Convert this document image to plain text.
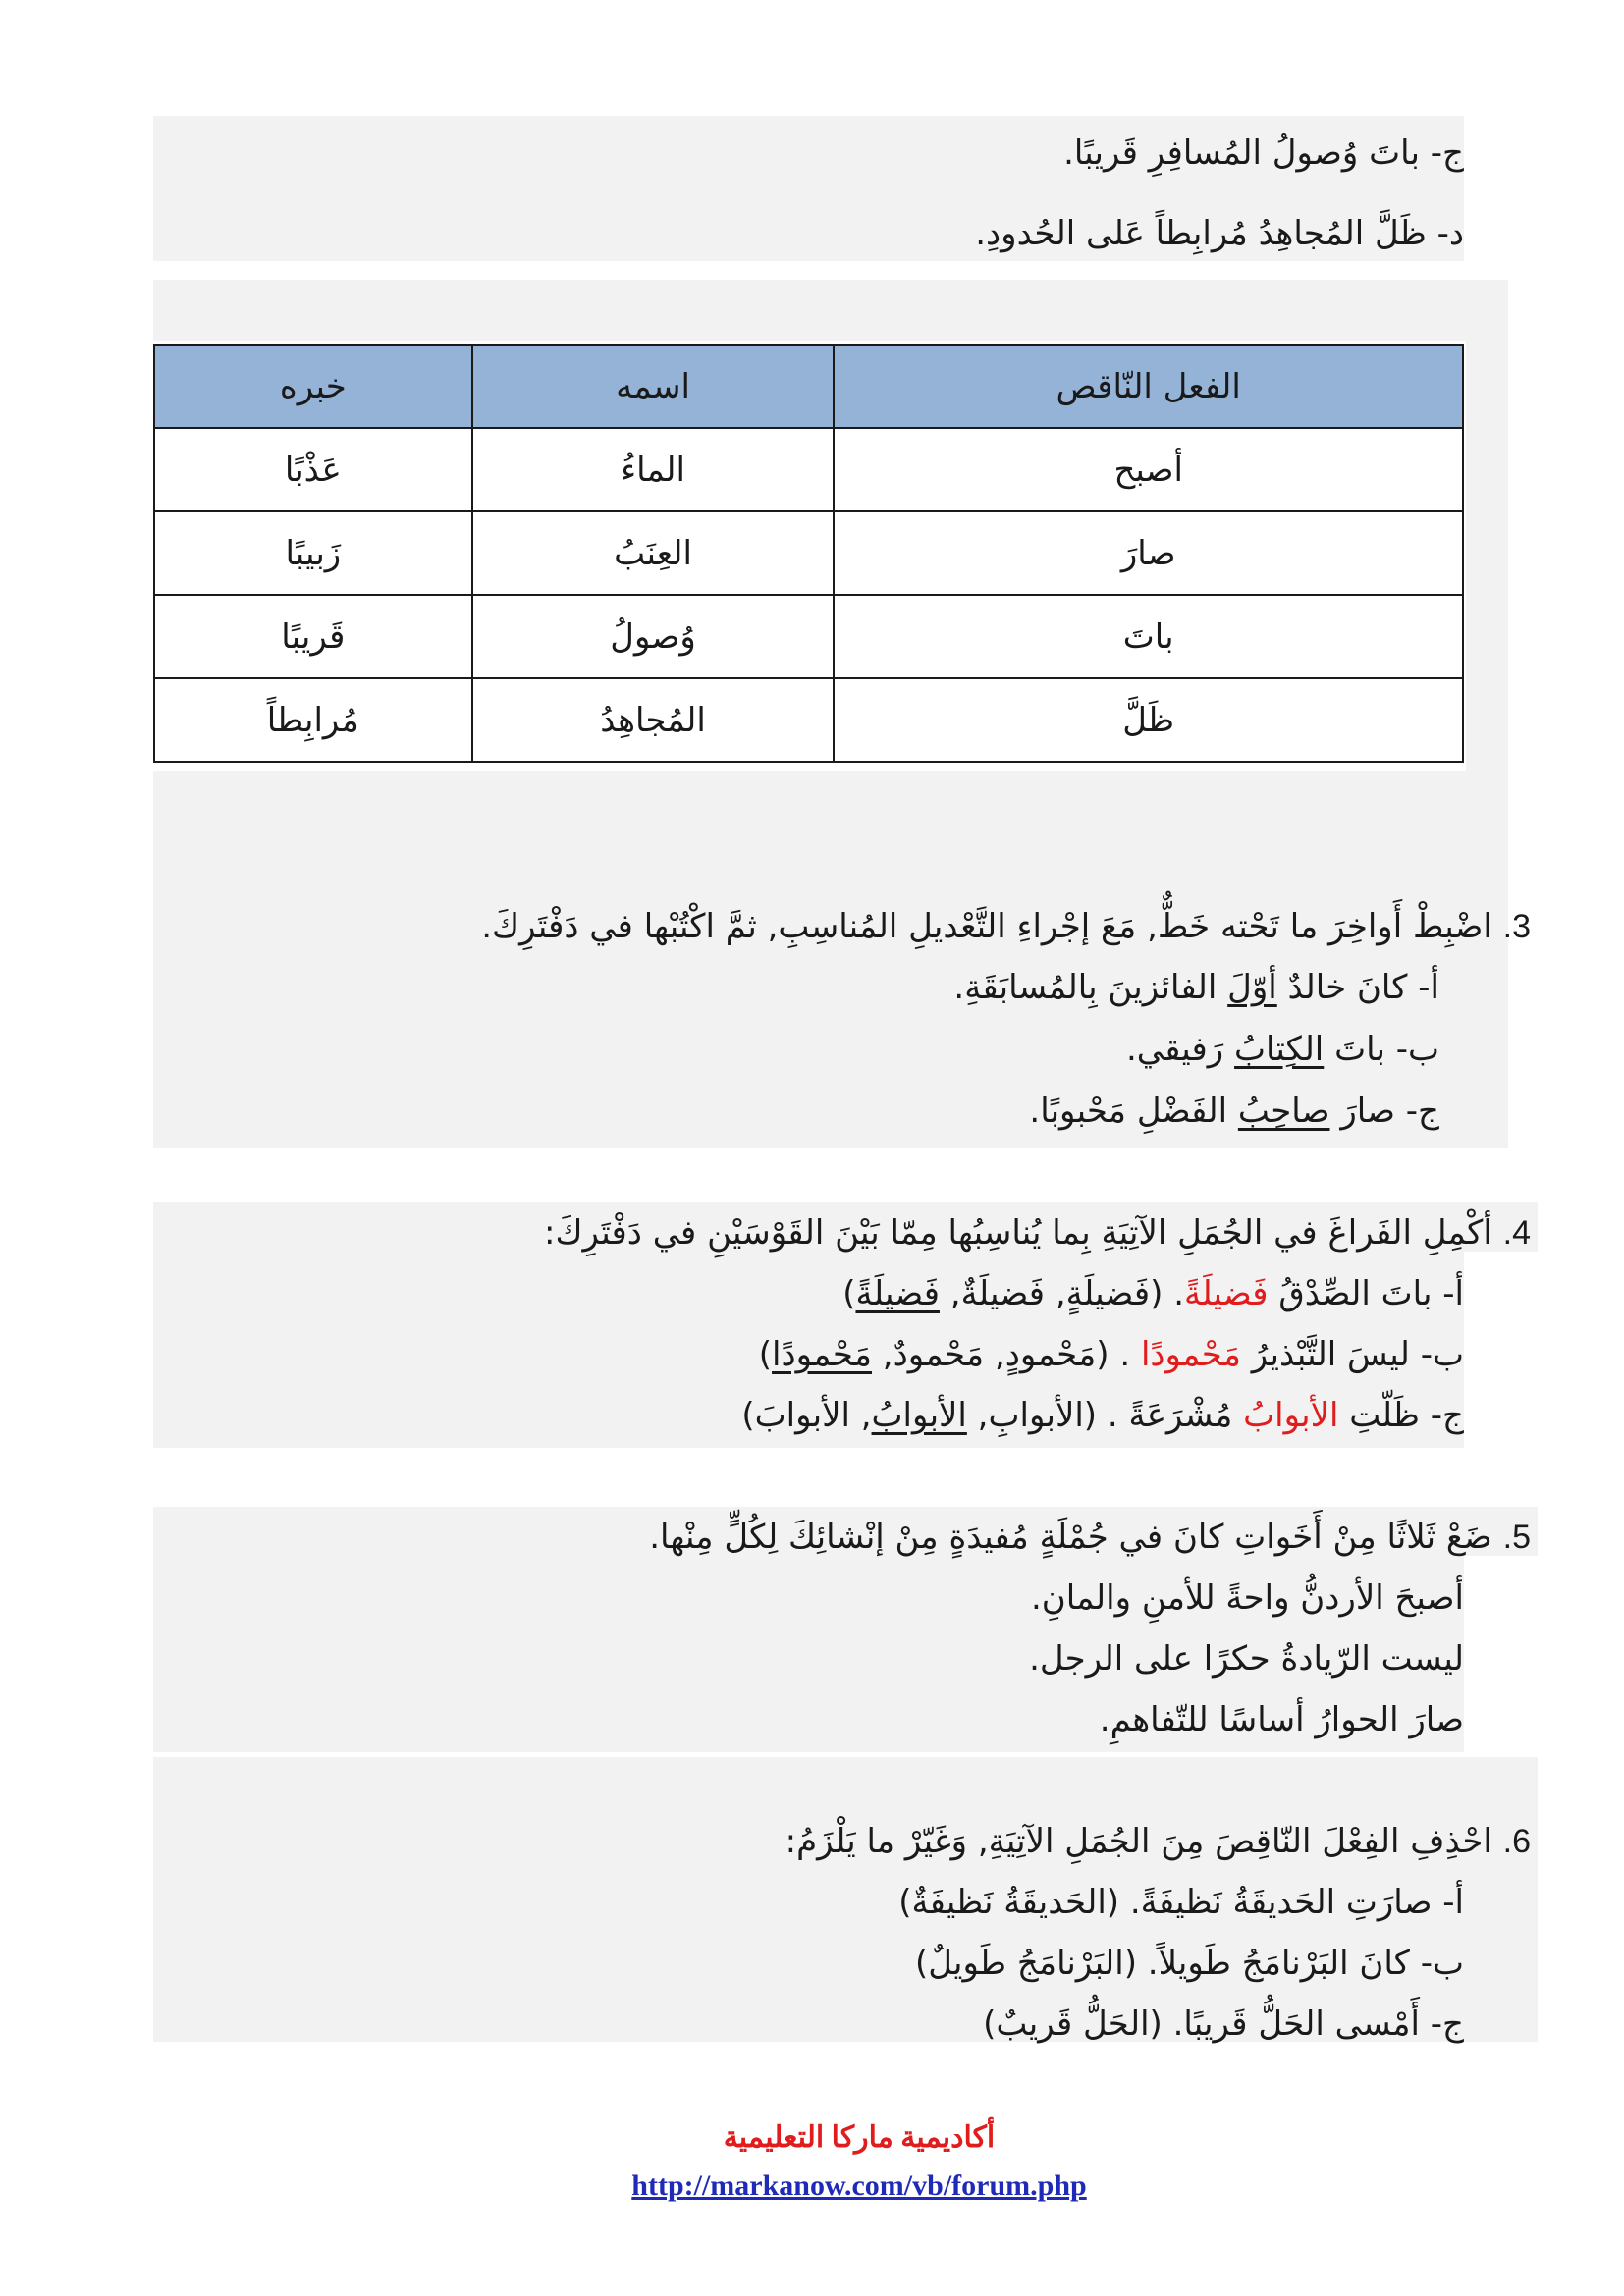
ج- باتَ وُصولُ المُسافِرِ قَريبًا.
د- ظَلَّ المُجاهِدُ مُرابِطاً عَلى الحُدودِ.
الفعل النّاقص	اسمه	خبره
أصبح	الماءُ	عَذْبًا
صارَ	العِنَبُ	زَبيبًا
باتَ	وُصولُ	قَريبًا
ظَلَّ	المُجاهِدُ	مُرابِطاً
3. اضْبِطْ أَواخِرَ ما تَحْته خَطٌّ, مَعَ إجْراءِ التَّعْديلِ المُناسِبِ, ثمَّ اكْتُبْها في دَفْتَرِكَ.
أ- كانَ خالدٌ أوّلَ الفائزينَ بِالمُسابَقَةِ.
ب- باتَ الكِتابُ رَفيقي.
ج- صارَ صاحِبُ الفَضْلِ مَحْبوبًا.
4. أكْمِلِ الفَراغَ في الجُمَلِ الآتِيَةِ بِما يُناسِبُها مِمّا بَيْنَ القَوْسَيْنِ في دَفْتَرِكَ:
أ- باتَ الصِّدْقُ فَضيلَةً. (فَضيلَةٍ, فَضيلَةٌ, فَضيلَةً)
ب- ليسَ التَّبْذيرُ مَحْمودًا . (مَحْمودٍ, مَحْمودٌ, مَحْمودًا)
ج- ظَلّتِ الأبوابُ مُشْرَعَةً . (الأبوابِ, الأبوابُ, الأبوابَ)
5. ضَعْ ثَلاثًا مِنْ أَخَواتِ كانَ في جُمْلَةٍ مُفيدَةٍ مِنْ إنْشائِكَ لِكُلٍّ مِنْها.
أصبحَ الأردنُّ واحةً للأمنِ والمانِ.
ليست الرّيادةُ حكرًا على الرجل.
صارَ الحوارُ أساسًا للتّفاهمِ.
6. احْذِفِ الفِعْلَ النّاقِصَ مِنَ الجُمَلِ الآتِيَةِ, وَغَيّرْ ما يَلْزَمُ:
أ- صارَتِ الحَديقَةُ نَظيفَةً. (الحَديقَةُ نَظيفَةٌ)
ب- كانَ البَرْنامَجُ طَويلاً. (البَرْنامَجُ طَويلٌ)
ج- أَمْسى الحَلُّ قَريبًا. (الحَلُّ قَريبٌ)
أكاديمية ماركا التعليمية
http://markanow.com/vb/forum.php
